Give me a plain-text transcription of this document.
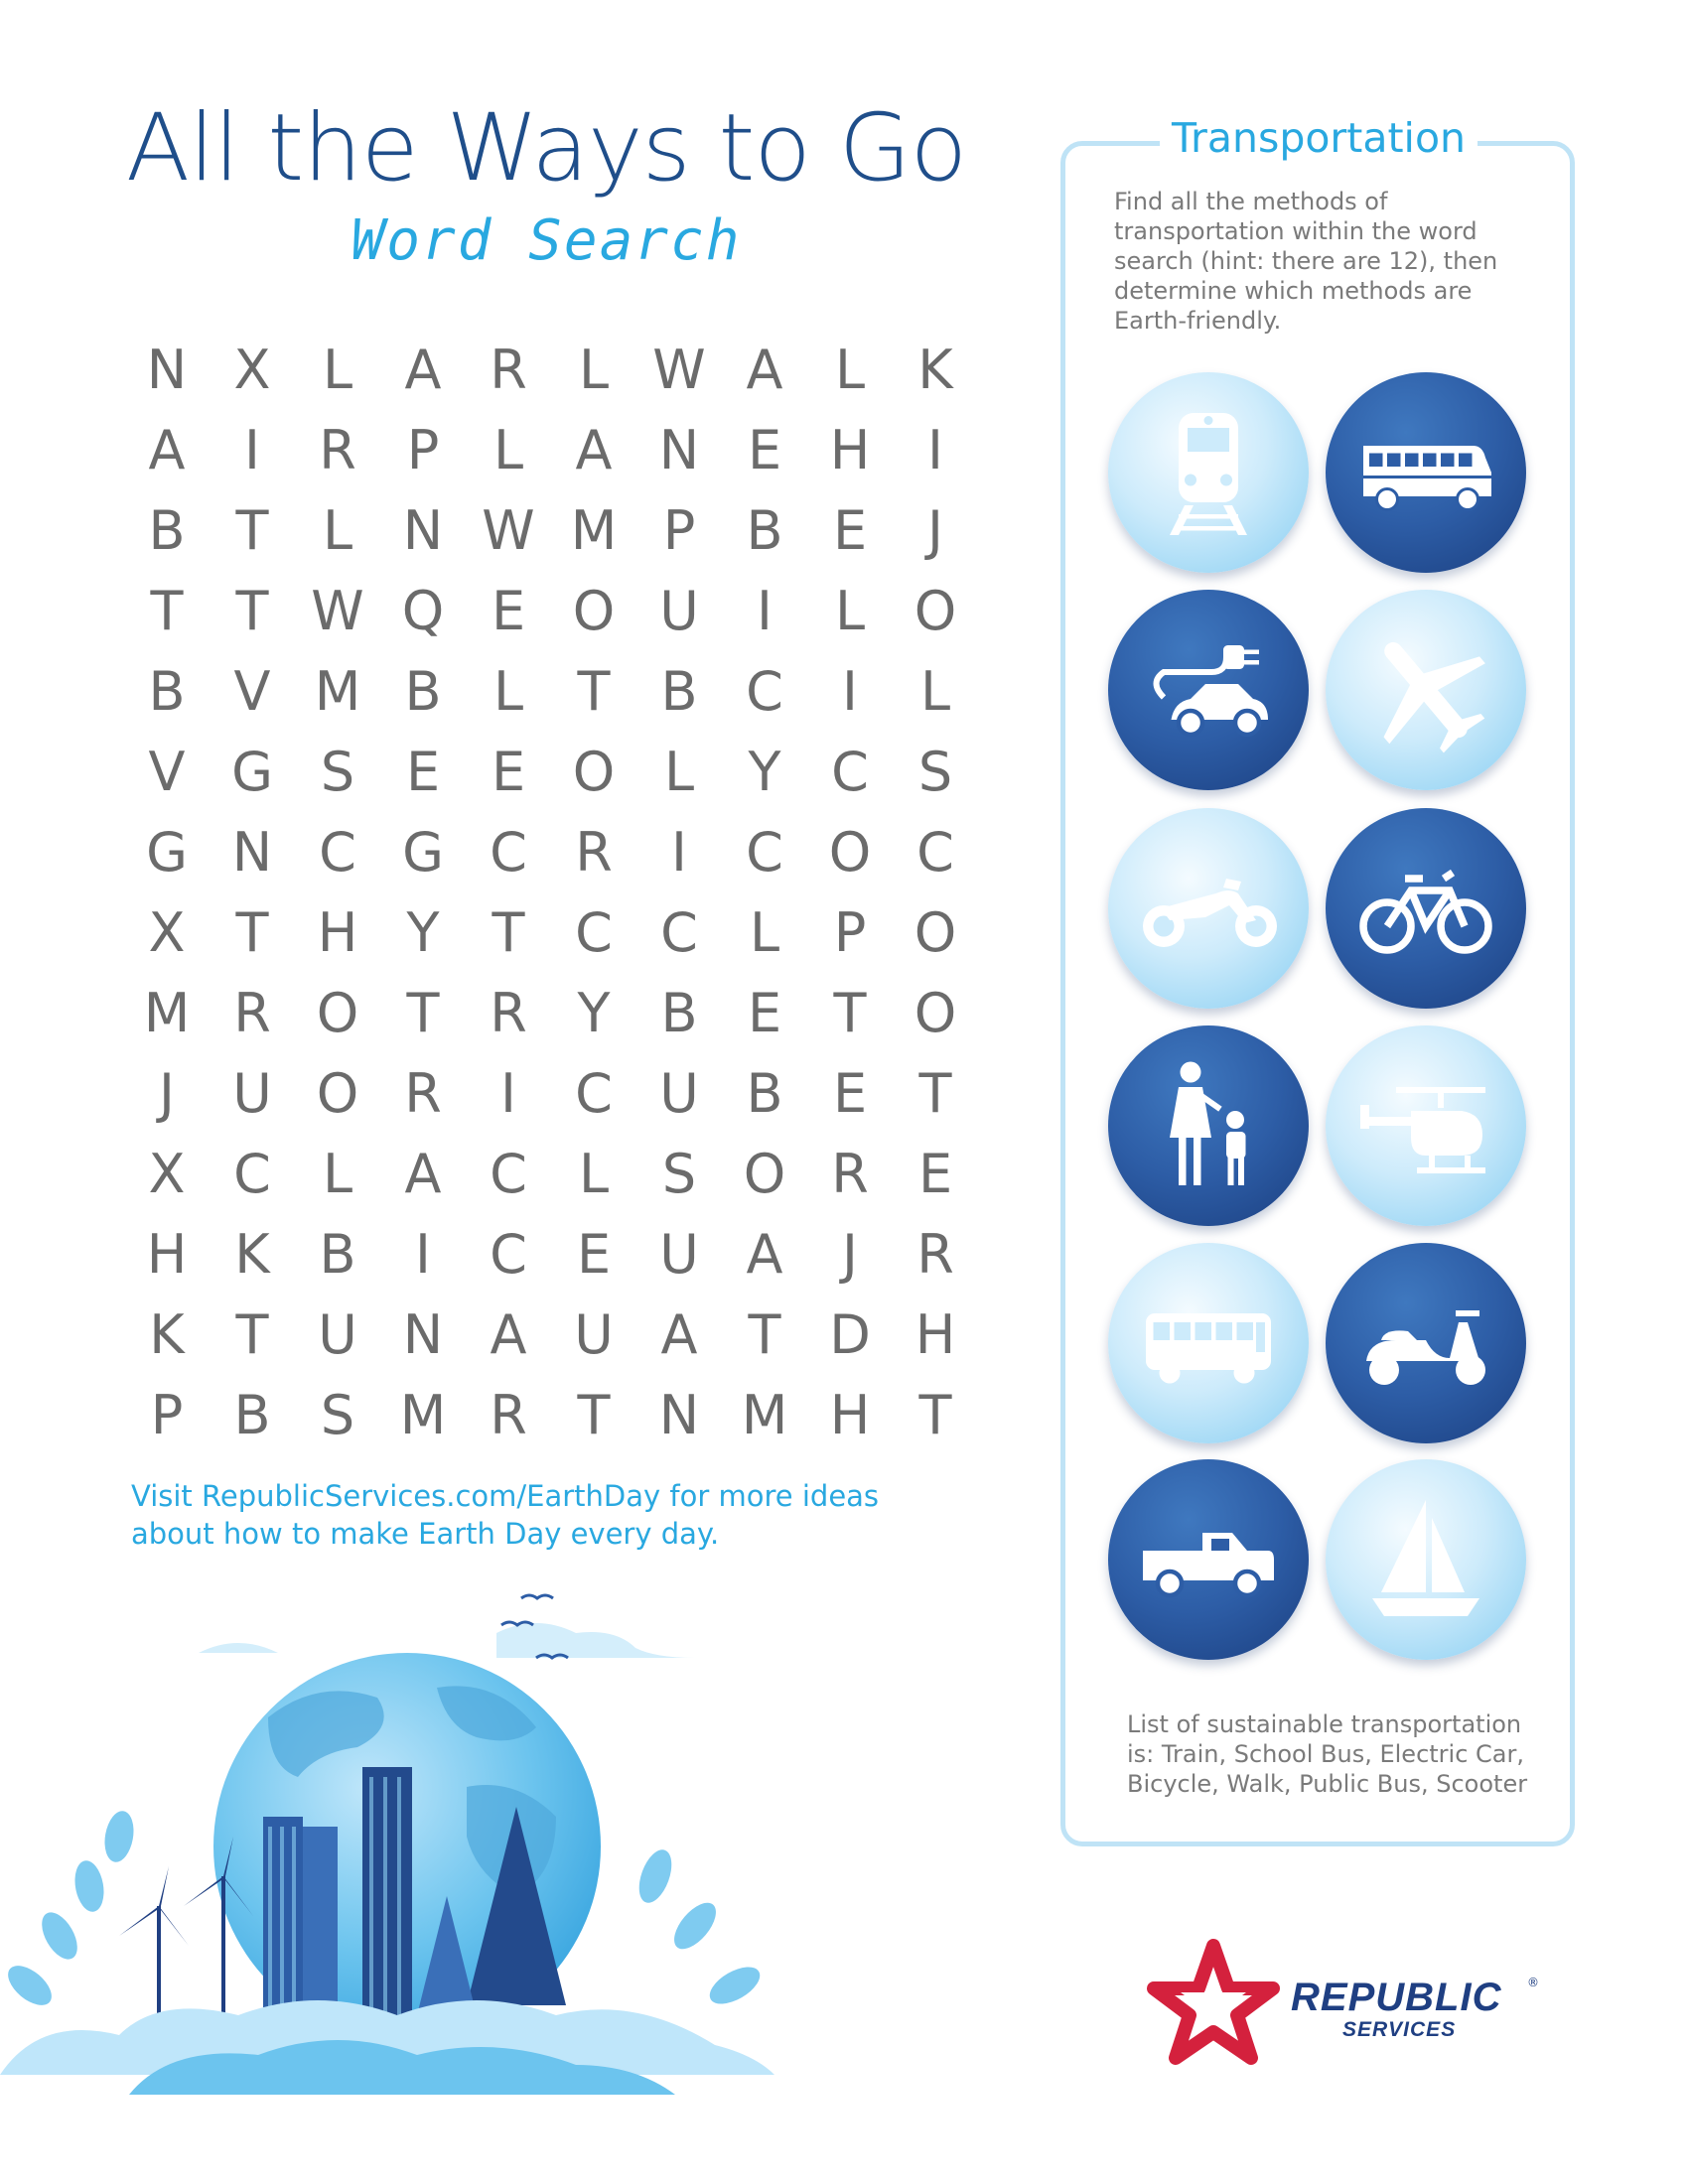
All the Ways to Go
Word Search
N X L A R L W A L K
A	I	R P	L A N E H	I
B T	L N W M P B E	J
T T W Q E O U	I	L O
B V M B L	T B C	I	L
V G S E E O L	Y C S
G N C G C R	I	C O C
X T H Y T C C L	P O
M R O T R Y B E T O
J	U O R	I	C U B E T
X C L A C L S O R E
H K B	I	C E U A	J	R
K T U N A U A T D H
P B S M R T N M H T
Visit RepublicServices.com/EarthDay for more ideas
about how to make Earth Day every day.
Transportation
Find all the methods of transportation within the word search (hint: there are 12), then determine which methods are Earth-friendly.
List of sustainable transportation
is: Train, School Bus, Electric Car,
Bicycle, Walk, Public Bus, Scooter
REPUBLIC ®
SERVICES
